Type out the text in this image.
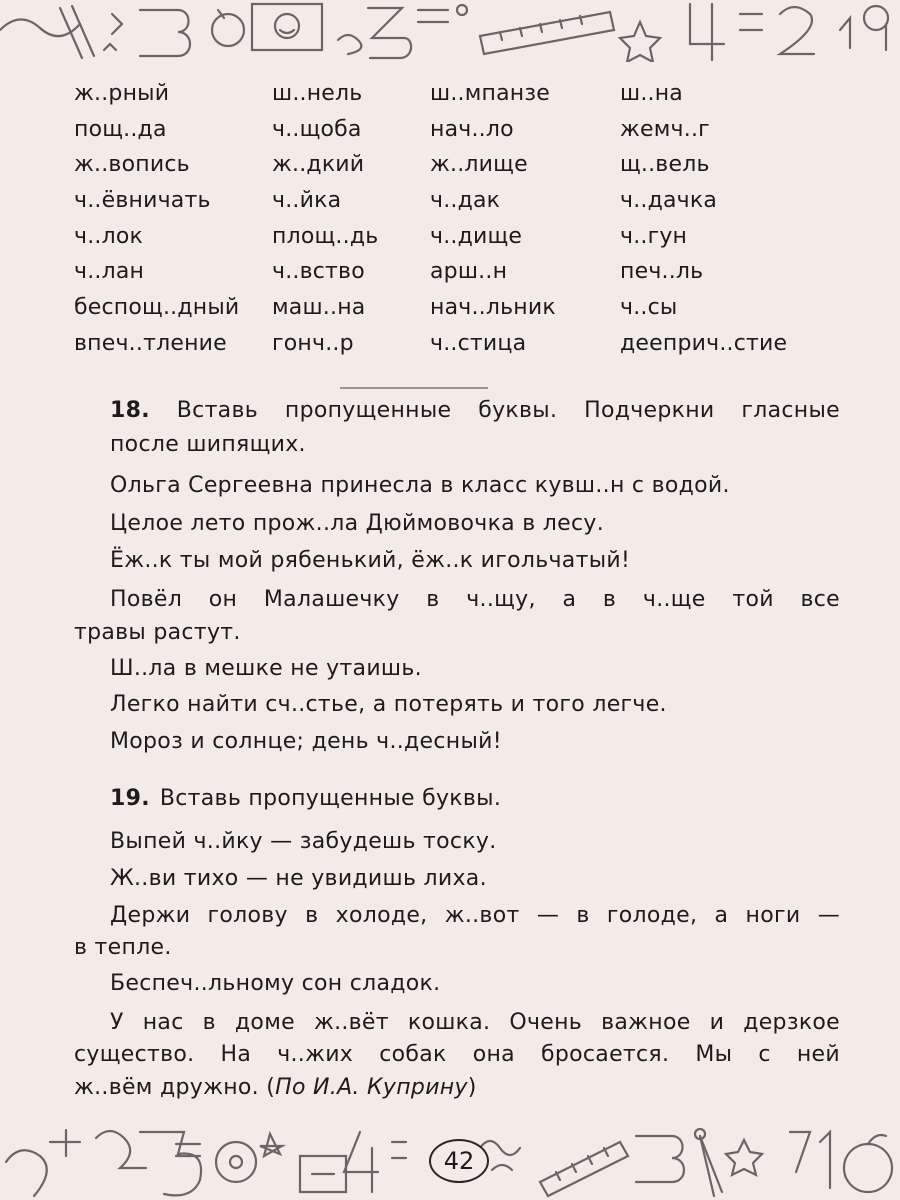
ж..рный	ш..нель	ш..мпанзе	ш..на
пощ..да	ч..щоба	нач..ло	жемч..г
ж..вопись	ж..дкий	ж..лище	щ..вель
ч..ёвничать	ч..йка	ч..дак	ч..дачка
ч..лок	площ..дь	ч..дище	ч..гун
ч..лан	ч..вство	арш..н	печ..ль
беспощ..дный	маш..на	нач..льник	ч..сы
впеч..тление	гонч..р	ч..стица	дееприч..стие
18. Вставь пропущенные буквы. Подчеркни гласные
после шипящих.
Ольга Сергеевна принесла в класс кувш..н с водой.
Целое лето прож..ла Дюймовочка в лесу.
Ёж..к ты мой рябенький, ёж..к игольчатый!
Повёл он Малашечку в ч..щу, а в ч..ще той все
травы растут.
Ш..ла в мешке не утаишь.
Легко найти сч..стье, а потерять и того легче.
Мороз и солнце; день ч..десный!
19. Вставь пропущенные буквы.
Выпей ч..йку — забудешь тоску.
Ж..ви тихо — не увидишь лиха.
Держи голову в холоде, ж..вот — в голоде, а ноги —
в тепле.
Беспеч..льному сон сладок.
У нас в доме ж..вёт кошка. Очень важное и дерзкое
существо. На ч..жих собак она бросается. Мы с ней
ж..вём дружно. (По И.А. Куприну)
42
